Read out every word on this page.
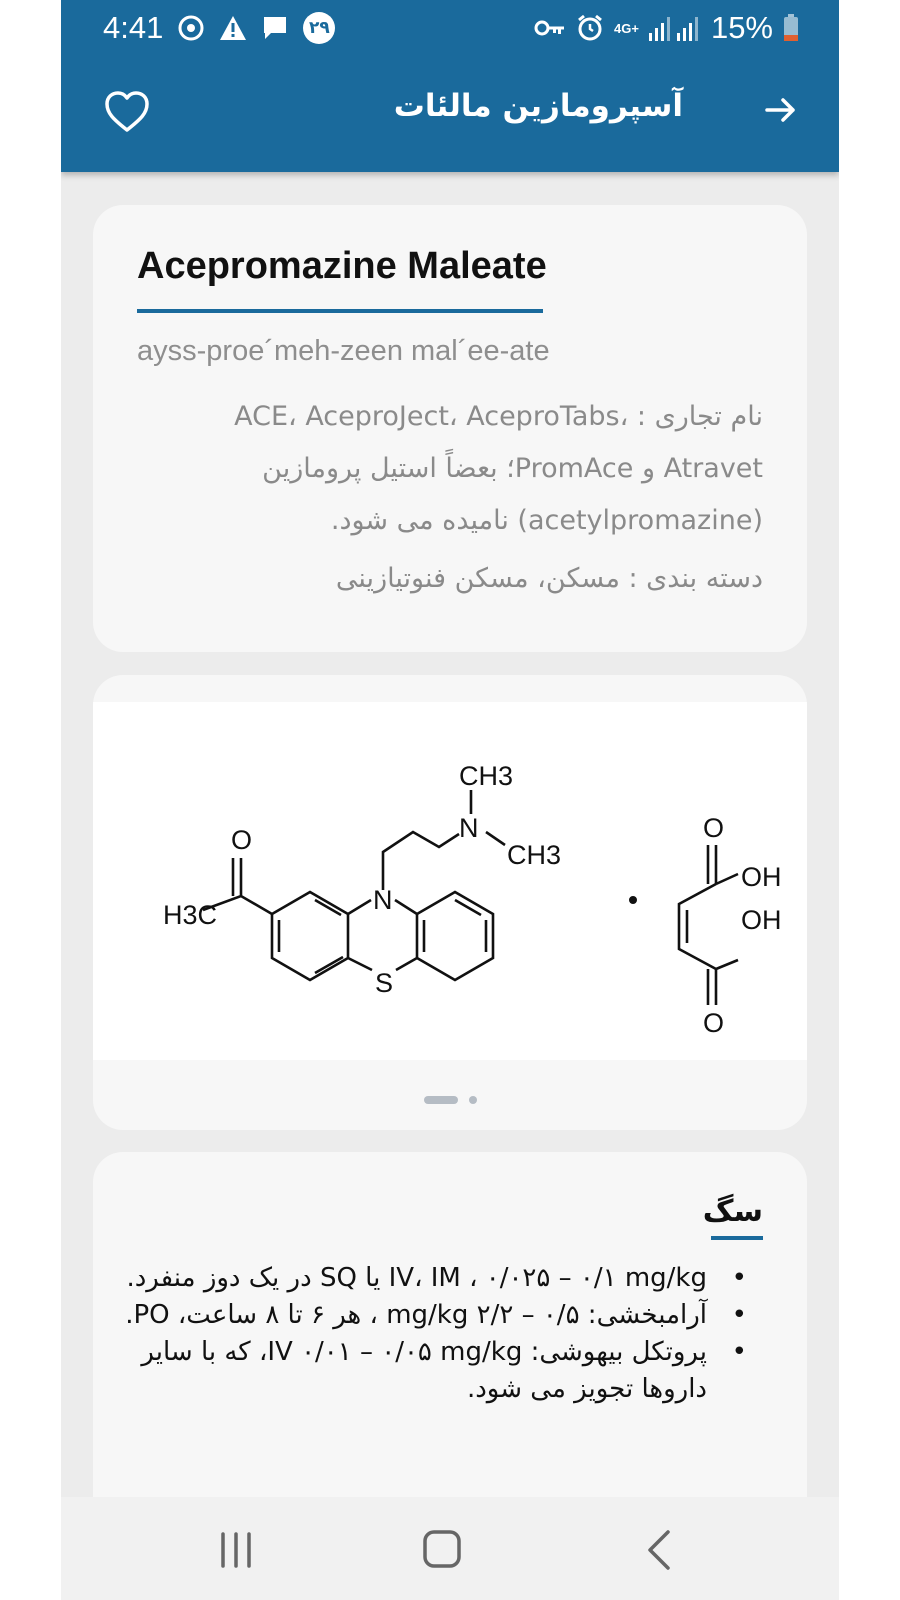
4:41	۲۹	4G+ 15%
آسپرومازین مالئات
Acepromazine Maleate
ayss-proe´meh-zeen mal´ee-ate
نام تجاری : ACE، AceproJect، AceproTabs، Atravet و PromAce؛ بعضاً استیل پرومازین (acetylpromazine) نامیده می شود.
دسته بندی : مسکن، مسکن فنوتیازینی
CH3
N
CH3
O
N
H3C
S
O
OH
OH
O
سگ
• IV، IM ، ۰/۰۲۵ – ۰/۱ mg/kg یا SQ در یک دوز منفرد.
• آرامبخشی: ۰/۵ – ۲/۲ mg/kg ، هر ۶ تا ۸ ساعت، PO.
• پروتکل بیهوشی: IV ۰/۰۱ – ۰/۰۵ mg/kg، که با سایر داروها تجویز می شود.
